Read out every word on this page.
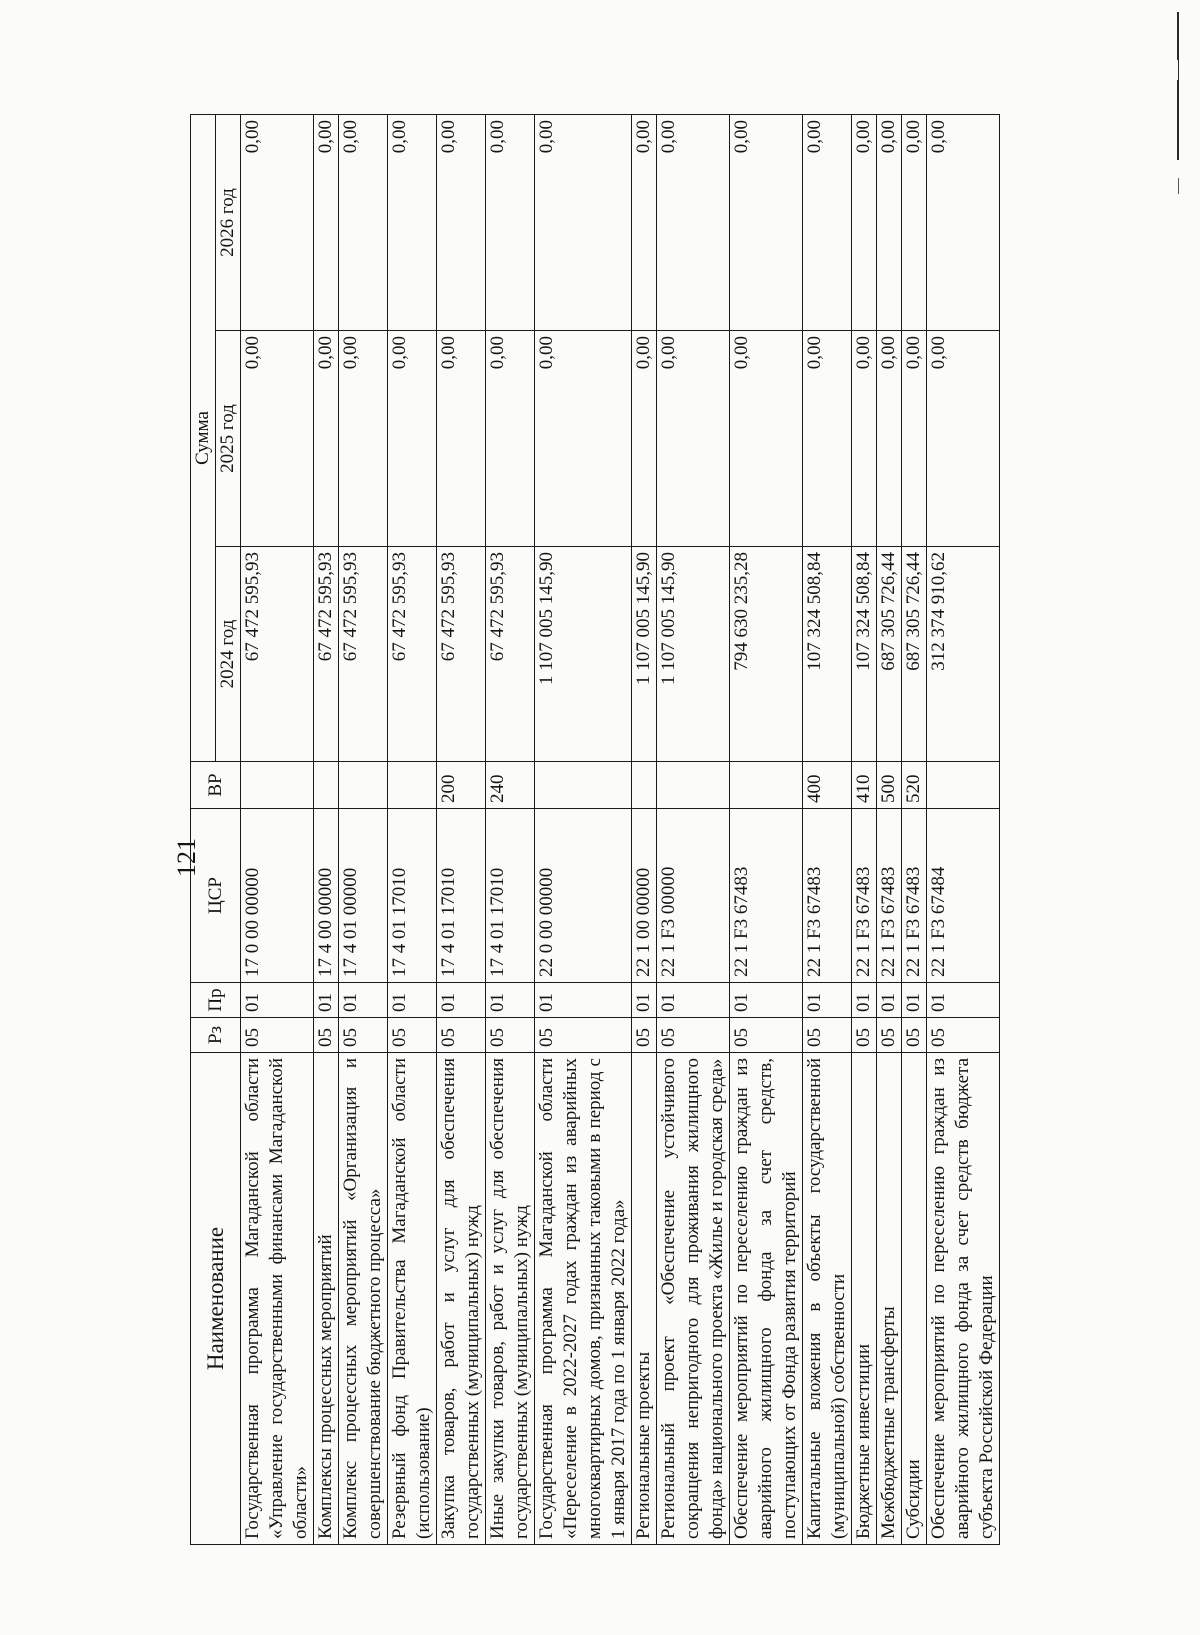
121
Наименование	Рз	Пр	ЦСР	ВР	Сумма		
					2024 год	2025 год	2026 год
Государственная программа Магаданской области «Управление государственными финансами Магаданской области»	05	01	17 0 00 00000		67 472 595,93	0,00	0,00
Комплексы процессных мероприятий	05	01	17 4 00 00000		67 472 595,93	0,00	0,00
Комплекс процессных мероприятий «Организация и совершенствование бюджетного процесса»	05	01	17 4 01 00000		67 472 595,93	0,00	0,00
Резервный фонд Правительства Магаданской области (использование)	05	01	17 4 01 17010		67 472 595,93	0,00	0,00
Закупка товаров, работ и услуг для обеспечения государственных (муниципальных) нужд	05	01	17 4 01 17010	200	67 472 595,93	0,00	0,00
Иные закупки товаров, работ и услуг для обеспечения государственных (муниципальных) нужд	05	01	17 4 01 17010	240	67 472 595,93	0,00	0,00
Государственная программа Магаданской области «Переселение в 2022-2027 годах граждан из аварийных многоквартирных домов, признанных таковыми в период с 1 января 2017 года по 1 января 2022 года»	05	01	22 0 00 00000		1 107 005 145,90	0,00	0,00
Региональные проекты	05	01	22 1 00 00000		1 107 005 145,90	0,00	0,00
Региональный проект «Обеспечение устойчивого сокращения непригодного для проживания жилищного фонда» национального проекта «Жилье и городская среда»	05	01	22 1 F3 00000		1 107 005 145,90	0,00	0,00
Обеспечение мероприятий по переселению граждан из аварийного жилищного фонда за счет средств, поступающих от Фонда развития территорий	05	01	22 1 F3 67483		794 630 235,28	0,00	0,00
Капитальные вложения в объекты государственной (муниципальной) собственности	05	01	22 1 F3 67483	400	107 324 508,84	0,00	0,00
Бюджетные инвестиции	05	01	22 1 F3 67483	410	107 324 508,84	0,00	0,00
Межбюджетные трансферты	05	01	22 1 F3 67483	500	687 305 726,44	0,00	0,00
Субсидии	05	01	22 1 F3 67483	520	687 305 726,44	0,00	0,00
Обеспечение мероприятий по переселению граждан из аварийного жилищного фонда за счет средств бюджета субъекта Российской Федерации	05	01	22 1 F3 67484		312 374 910,62	0,00	0,00
